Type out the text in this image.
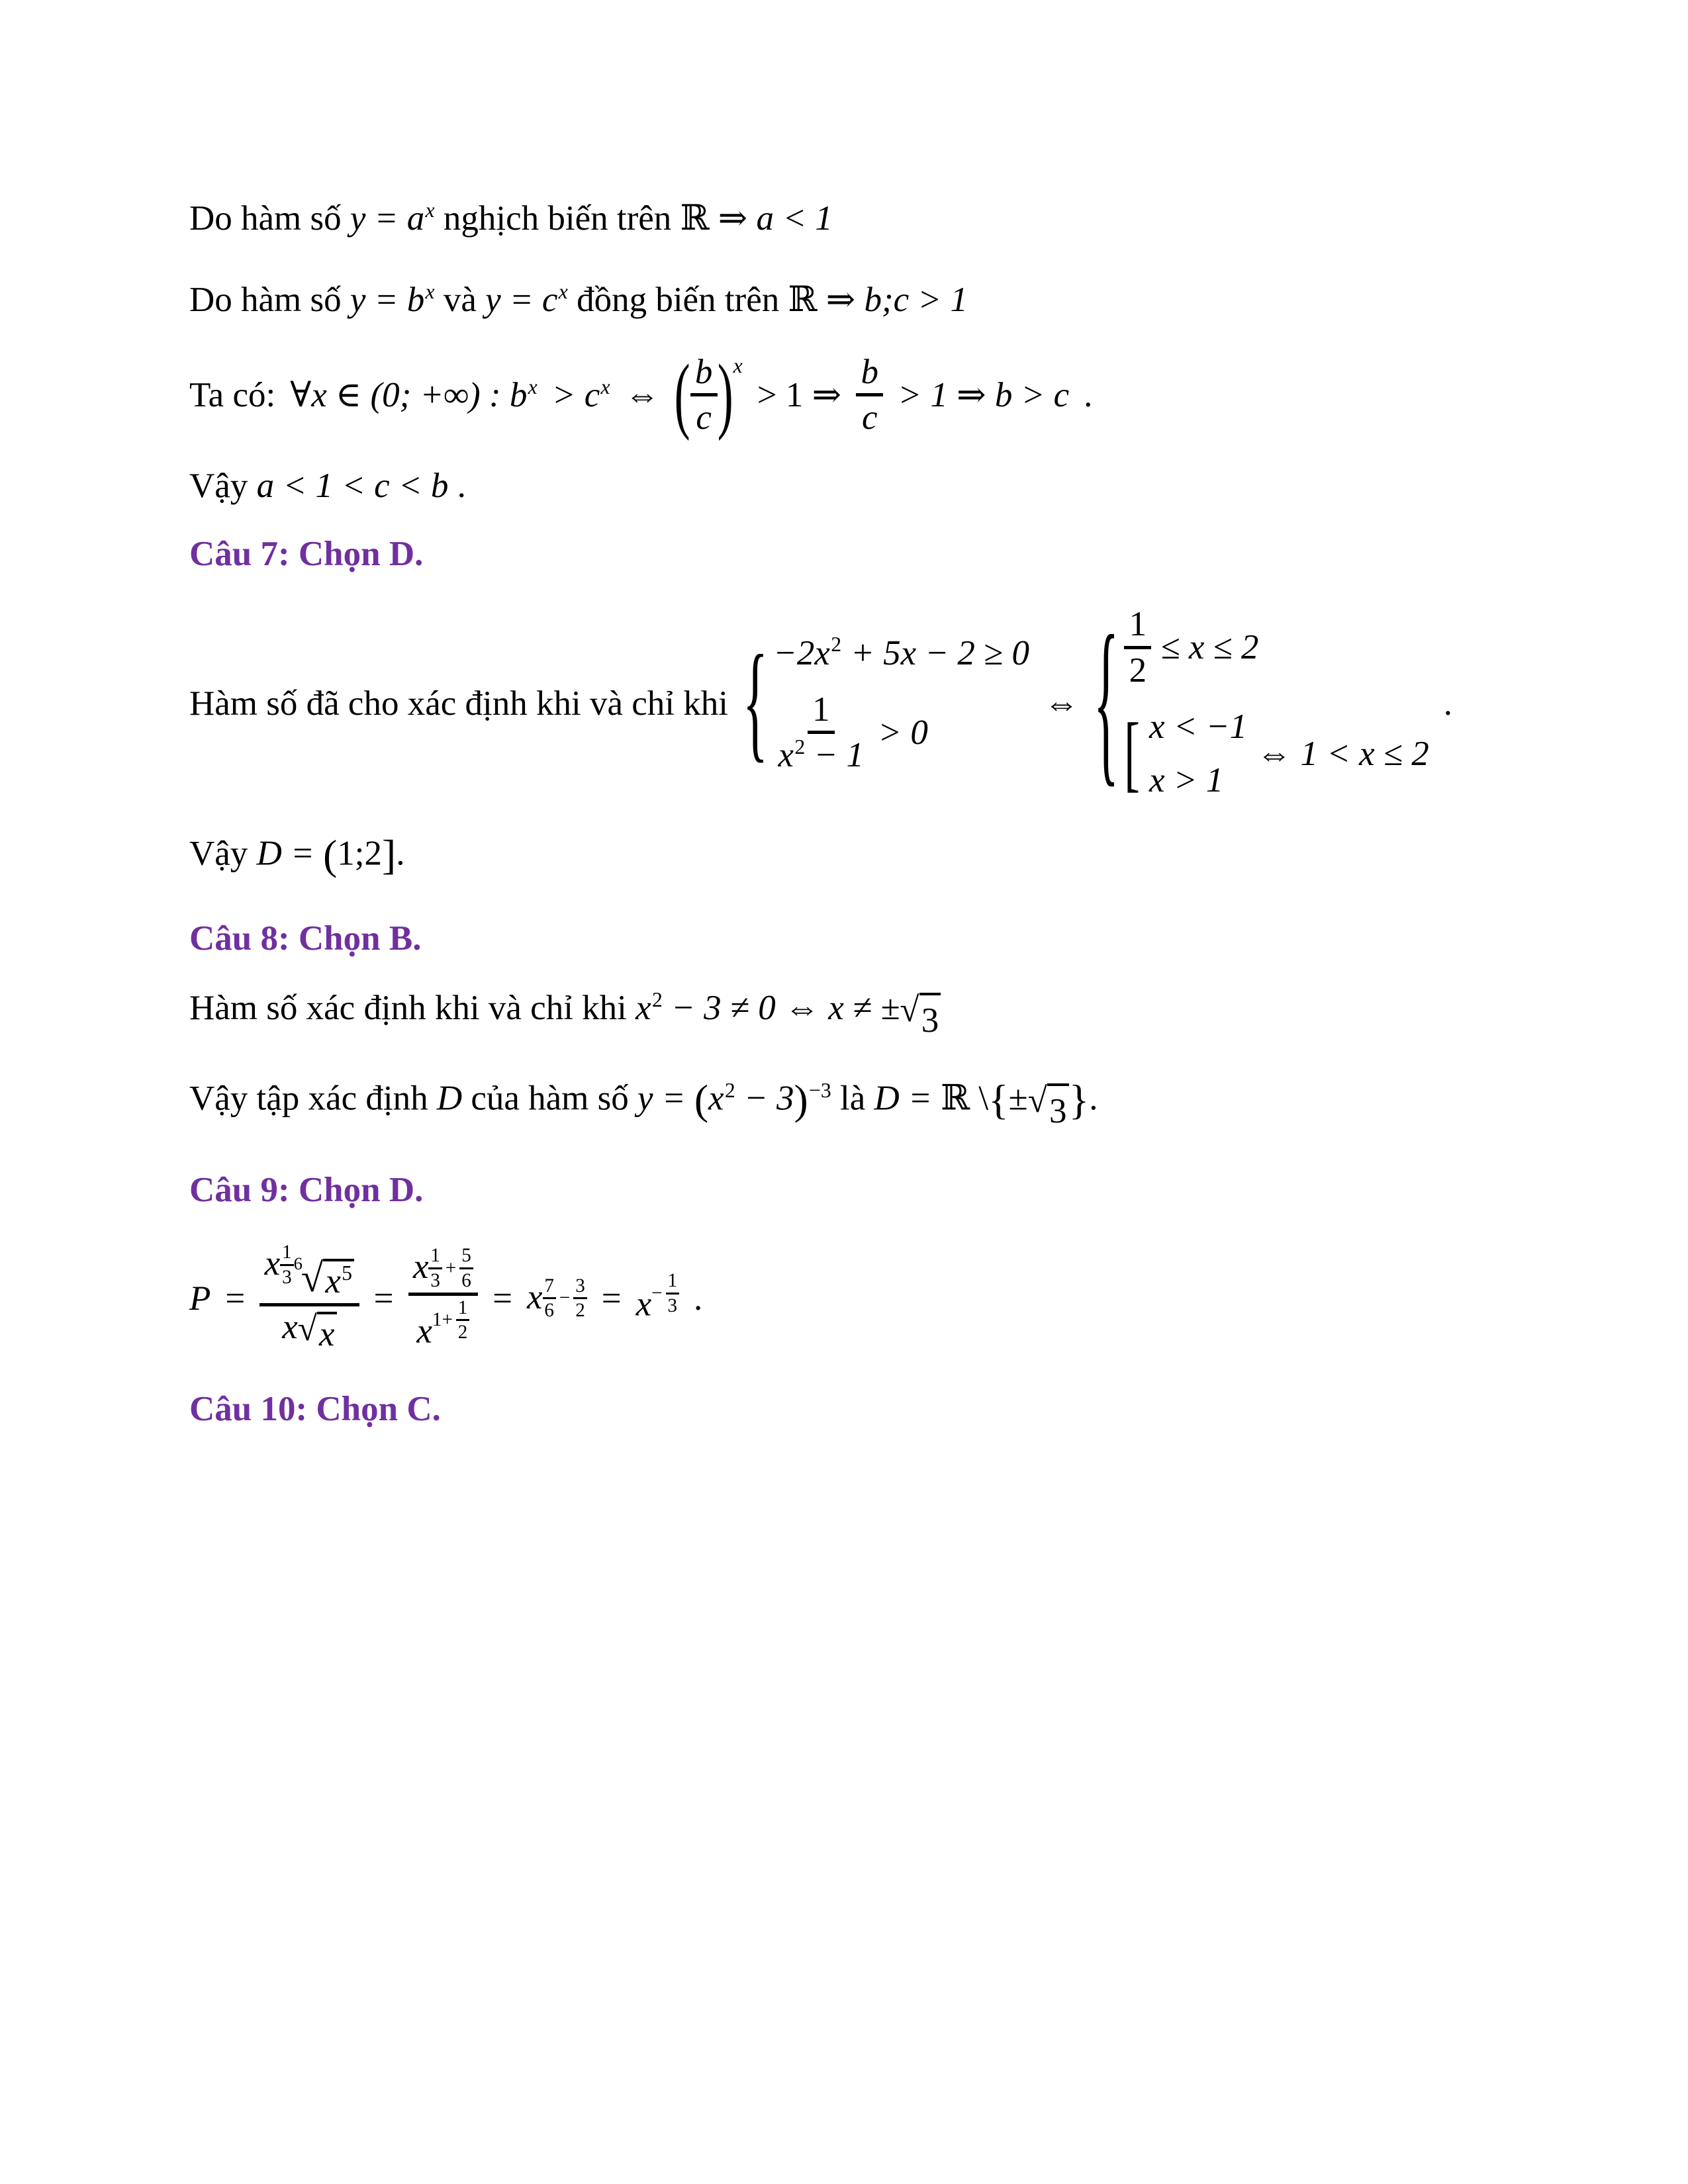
Do hàm số $y = a^x$ nghịch biến trên ℝ ⇒ a < 1
Do hàm số $y = b^x$ và $y = c^x$ đồng biến trên ℝ ⇒ b;c > 1
Ta có: ∀x ∈ (0; +∞) : $b^x > c^x$ ⇔ ( $\frac{b}{c} )^x$
> 1 ⇒ $\frac{b}{c} > 1$ ⇒ b > c .
Vậy a < 1 < c < b .
Câu 7: Chọn D.
Hàm số đã cho xác định khi và chỉ khi { $-2x^2 + 5x - 2 \ge 0$
$\frac{1}{x^2 - 1} > 0$
⇔ { $\frac{1}{2} \le x \le 2$
[ x < −1
x > 1
⇔ 1 < x ≤ 2
.
Vậy D = (1;2].
Câu 8: Chọn B.
Hàm số xác định khi và chỉ khi $x^2 - 3 \ne 0$ ⇔ x ≠ ± √ 3
Vậy tập xác định D của hàm số $y = (x^2 - 3)^{-3}$ là D = ℝ \{± √ 3 }.
Câu 9: Chọn D.
P = x $\frac{1}{3} 6$
√ $x^5$
x √ $x = \frac{x \frac{1}{3} + \frac{5}{6}}{x 1+ \frac{1}{2}} = x \frac{7}{6} - \frac{3}{2} = x - \frac{1}{3}$ .
Câu 10: Chọn C.
